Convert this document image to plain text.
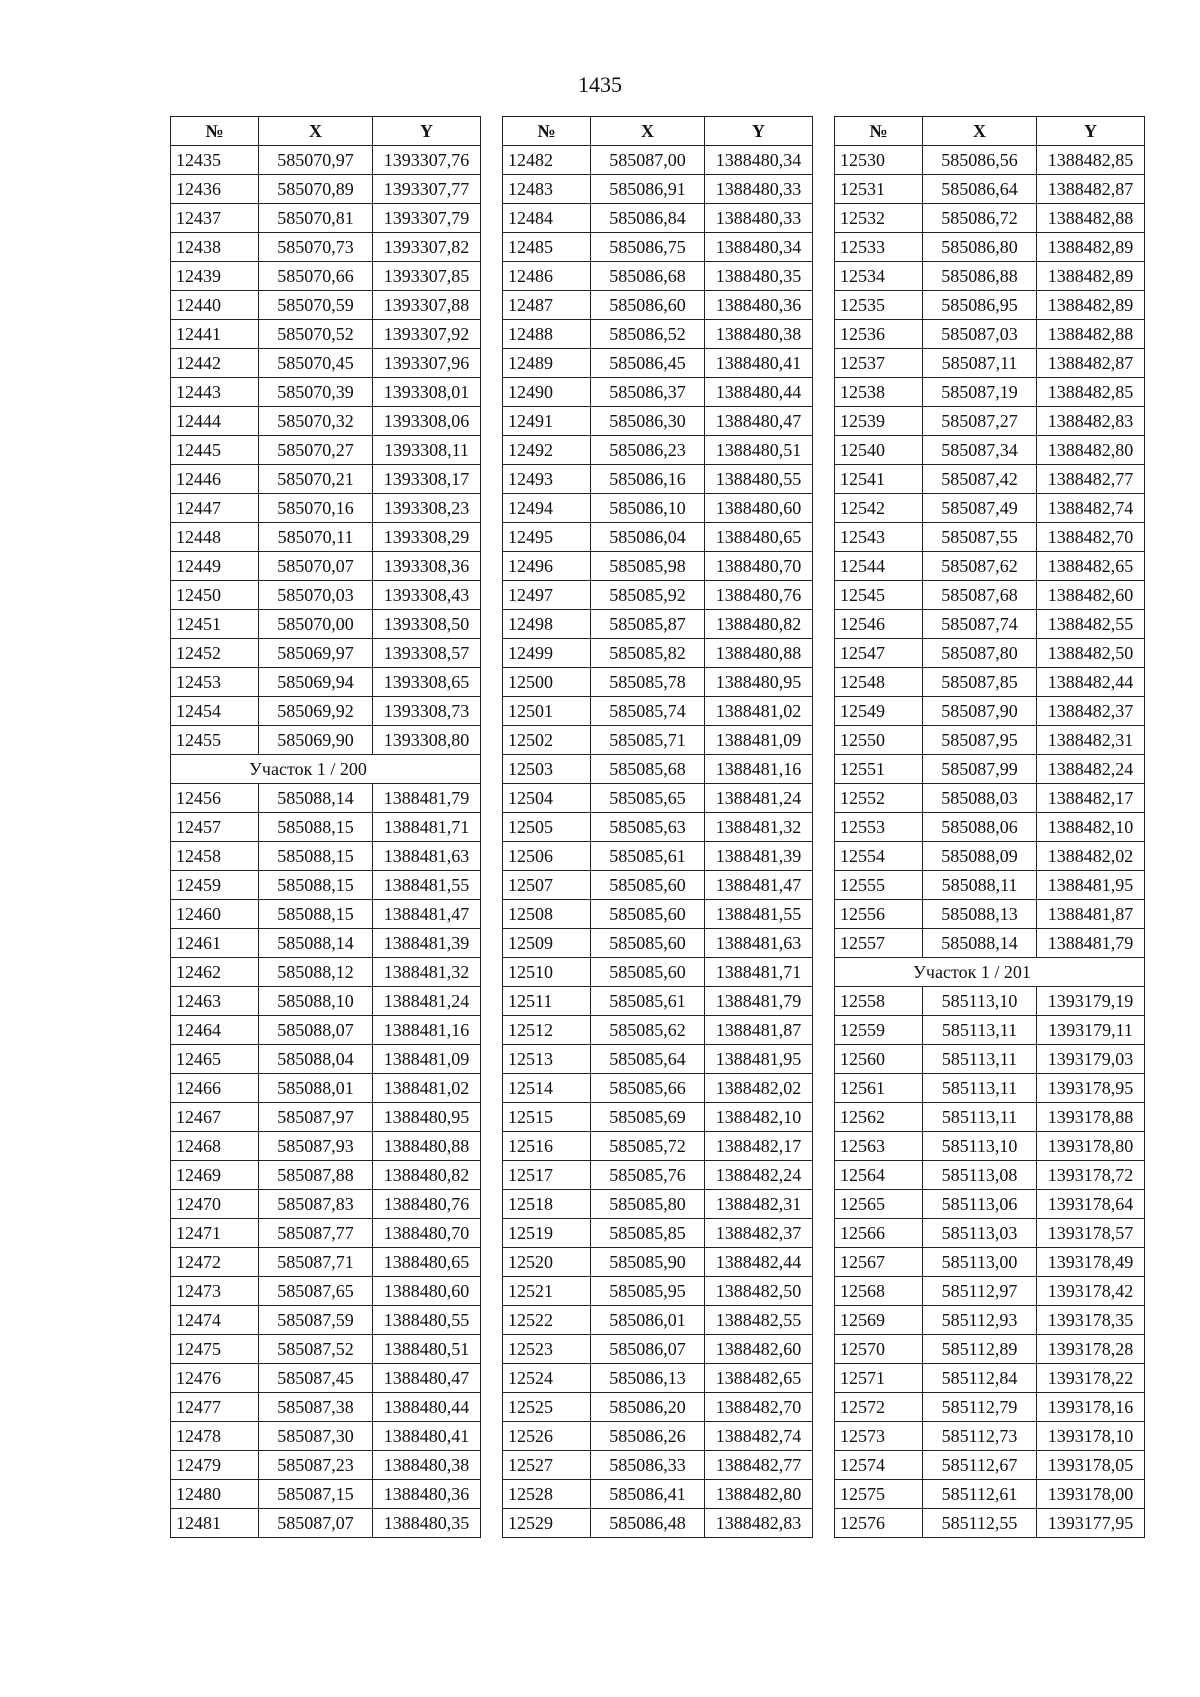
1435
№	X	Y
12435	585070,97	1393307,76
12436	585070,89	1393307,77
12437	585070,81	1393307,79
12438	585070,73	1393307,82
12439	585070,66	1393307,85
12440	585070,59	1393307,88
12441	585070,52	1393307,92
12442	585070,45	1393307,96
12443	585070,39	1393308,01
12444	585070,32	1393308,06
12445	585070,27	1393308,11
12446	585070,21	1393308,17
12447	585070,16	1393308,23
12448	585070,11	1393308,29
12449	585070,07	1393308,36
12450	585070,03	1393308,43
12451	585070,00	1393308,50
12452	585069,97	1393308,57
12453	585069,94	1393308,65
12454	585069,92	1393308,73
12455	585069,90	1393308,80
Участок 1 / 200		
12456	585088,14	1388481,79
12457	585088,15	1388481,71
12458	585088,15	1388481,63
12459	585088,15	1388481,55
12460	585088,15	1388481,47
12461	585088,14	1388481,39
12462	585088,12	1388481,32
12463	585088,10	1388481,24
12464	585088,07	1388481,16
12465	585088,04	1388481,09
12466	585088,01	1388481,02
12467	585087,97	1388480,95
12468	585087,93	1388480,88
12469	585087,88	1388480,82
12470	585087,83	1388480,76
12471	585087,77	1388480,70
12472	585087,71	1388480,65
12473	585087,65	1388480,60
12474	585087,59	1388480,55
12475	585087,52	1388480,51
12476	585087,45	1388480,47
12477	585087,38	1388480,44
12478	585087,30	1388480,41
12479	585087,23	1388480,38
12480	585087,15	1388480,36
12481	585087,07	1388480,35
№	X	Y
12482	585087,00	1388480,34
12483	585086,91	1388480,33
12484	585086,84	1388480,33
12485	585086,75	1388480,34
12486	585086,68	1388480,35
12487	585086,60	1388480,36
12488	585086,52	1388480,38
12489	585086,45	1388480,41
12490	585086,37	1388480,44
12491	585086,30	1388480,47
12492	585086,23	1388480,51
12493	585086,16	1388480,55
12494	585086,10	1388480,60
12495	585086,04	1388480,65
12496	585085,98	1388480,70
12497	585085,92	1388480,76
12498	585085,87	1388480,82
12499	585085,82	1388480,88
12500	585085,78	1388480,95
12501	585085,74	1388481,02
12502	585085,71	1388481,09
12503	585085,68	1388481,16
12504	585085,65	1388481,24
12505	585085,63	1388481,32
12506	585085,61	1388481,39
12507	585085,60	1388481,47
12508	585085,60	1388481,55
12509	585085,60	1388481,63
12510	585085,60	1388481,71
12511	585085,61	1388481,79
12512	585085,62	1388481,87
12513	585085,64	1388481,95
12514	585085,66	1388482,02
12515	585085,69	1388482,10
12516	585085,72	1388482,17
12517	585085,76	1388482,24
12518	585085,80	1388482,31
12519	585085,85	1388482,37
12520	585085,90	1388482,44
12521	585085,95	1388482,50
12522	585086,01	1388482,55
12523	585086,07	1388482,60
12524	585086,13	1388482,65
12525	585086,20	1388482,70
12526	585086,26	1388482,74
12527	585086,33	1388482,77
12528	585086,41	1388482,80
12529	585086,48	1388482,83
№	X	Y
12530	585086,56	1388482,85
12531	585086,64	1388482,87
12532	585086,72	1388482,88
12533	585086,80	1388482,89
12534	585086,88	1388482,89
12535	585086,95	1388482,89
12536	585087,03	1388482,88
12537	585087,11	1388482,87
12538	585087,19	1388482,85
12539	585087,27	1388482,83
12540	585087,34	1388482,80
12541	585087,42	1388482,77
12542	585087,49	1388482,74
12543	585087,55	1388482,70
12544	585087,62	1388482,65
12545	585087,68	1388482,60
12546	585087,74	1388482,55
12547	585087,80	1388482,50
12548	585087,85	1388482,44
12549	585087,90	1388482,37
12550	585087,95	1388482,31
12551	585087,99	1388482,24
12552	585088,03	1388482,17
12553	585088,06	1388482,10
12554	585088,09	1388482,02
12555	585088,11	1388481,95
12556	585088,13	1388481,87
12557	585088,14	1388481,79
Участок 1 / 201		
12558	585113,10	1393179,19
12559	585113,11	1393179,11
12560	585113,11	1393179,03
12561	585113,11	1393178,95
12562	585113,11	1393178,88
12563	585113,10	1393178,80
12564	585113,08	1393178,72
12565	585113,06	1393178,64
12566	585113,03	1393178,57
12567	585113,00	1393178,49
12568	585112,97	1393178,42
12569	585112,93	1393178,35
12570	585112,89	1393178,28
12571	585112,84	1393178,22
12572	585112,79	1393178,16
12573	585112,73	1393178,10
12574	585112,67	1393178,05
12575	585112,61	1393178,00
12576	585112,55	1393177,95
